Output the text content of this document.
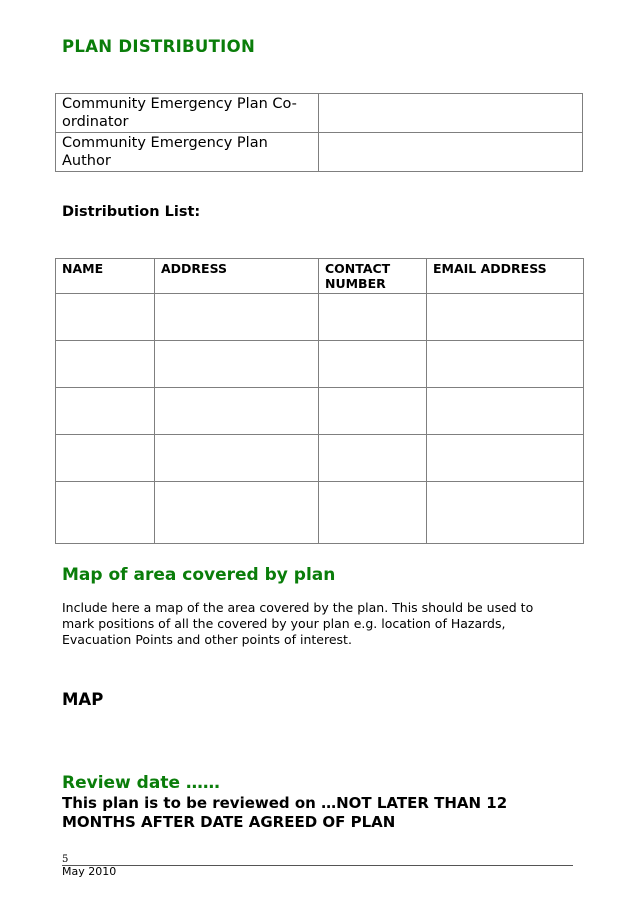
PLAN DISTRIBUTION
Community Emergency Plan Co-ordinator	
Community Emergency Plan Author	
Distribution List:
NAME	ADDRESS	CONTACT NUMBER	EMAIL ADDRESS

Map of area covered by plan
Include here a map of the area covered by the plan. This should be used to mark positions of all the covered by your plan e.g. location of Hazards, Evacuation Points and other points of interest.
MAP
Review date ……
This plan is to be reviewed on …NOT LATER THAN 12 MONTHS AFTER DATE AGREED OF PLAN
5
May 2010
